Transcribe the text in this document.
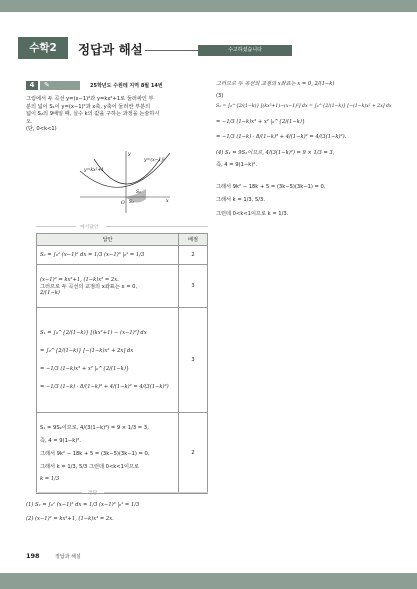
수학2	정답과 해설	수고하셨습니다
4	✎	25학년도 수원테 지역 8월 14번
그림에서 두 곡선 y=(x−1)²과 y=kx²+1로 둘러싸인 부
분의 넓이 S₁이 y=(x−1)²과 x축, y축이 둘러싼 부분의
넓이 S₂의 9배일 때, 실수 k의 값을 구하는 과정을 논술하시
오.
(단, 0<k<1)
y=kx²+1
y=(x−1)²
S₁
S₂
O	x
y
예시답안
답안	배점

S₂ = ∫₀¹ (x−1)² dx = 1/3 (x−1)³ |₀¹ = 1/3	2

(x−1)² = kx²+1, (1−k)x² = 2x.
그러므로 두 곡선의 교점의 x좌표는 x = 0,
2/(1−k)	3

S₁ = ∫₀^{2/(1−k)} [(kx²+1) − (x−1)²] dx
= ∫₀^{2/(1−k)} [−(1−k)x² + 2x] dx
= −1/3 (1−k)x³ + x² |₀^{2/(1−k)}
= −1/3 (1−k) · 8/(1−k)³ + 4/(1−k)² = 4/(3(1−k)²)	3

S₁ = 9S₂이므로, 4/(3(1−k)²) = 9 × 1/3 = 3,
즉, 4 = 9(1−k)².
그래서 9k² − 18k + 5 = (3k−5)(3k−1) = 0,
그래서 k = 1/3, 5/3 그런데 0<k<1이므로
k = 1/3	2
정답
(1) S₂ = ∫₀¹ (x−1)² dx = 1/3 (x−1)³ |₀¹ = 1/3
(2) (x−1)² = kx²+1, (1−k)x² = 2x.
그러므로 두 곡선의 교점의 x좌표는 x = 0, 2/(1−k)
(3)
S₁ = ∫₀^{2/(1−k)} [(kx²+1)−(x−1)²] dx = ∫₀^{2/(1−k)} [−(1−k)x² + 2x] dx
= −1/3 (1−k)x³ + x² |₀^{2/(1−k)}
= −1/3 (1−k) · 8/(1−k)³ + 4/(1−k)² = 4/(3(1−k)²).
(4) S₁ = 9S₂이므로, 4/(3(1−k)²) = 9 × 1/3 = 3,
즉, 4 = 9(1−k)².
그래서 9k² − 18k + 5 = (3k−5)(3k−1) = 0,
그래서 k = 1/3, 5/3.
그런데 0<k<1이므로 k = 1/3.
198	정답과 해설
